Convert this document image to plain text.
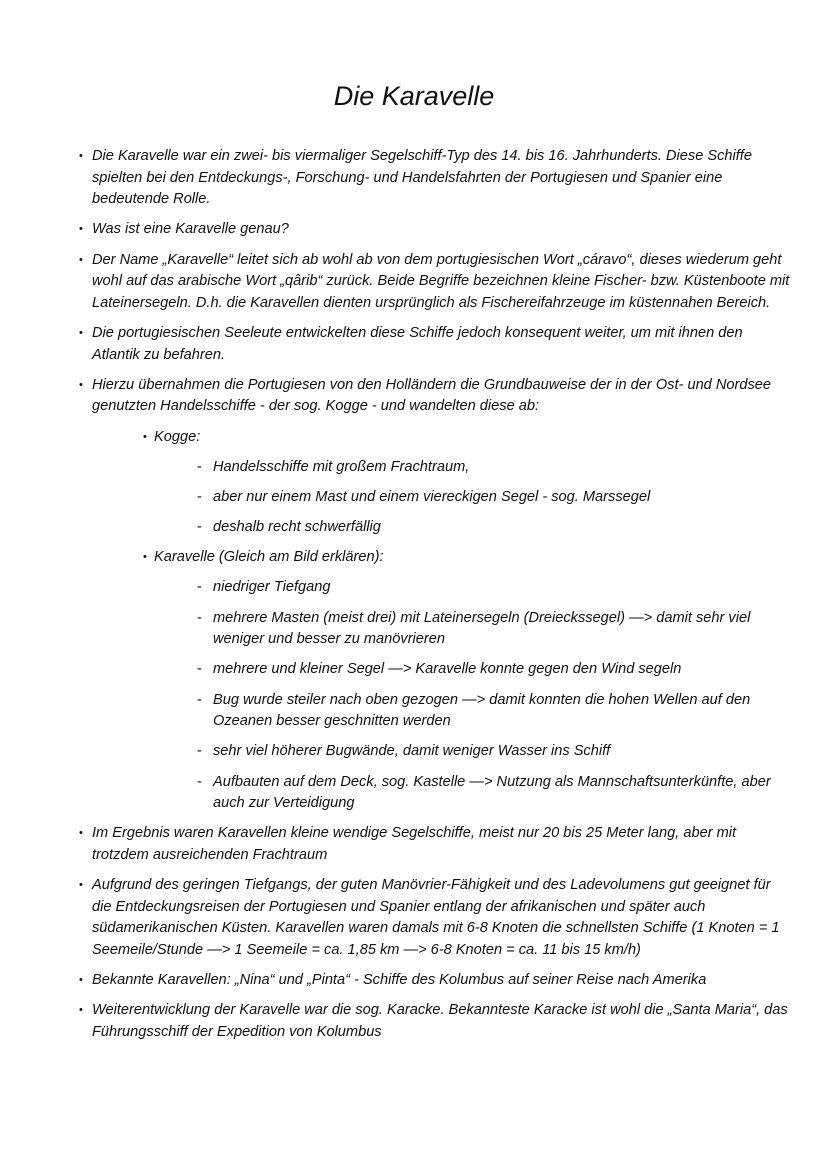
Die Karavelle
• Die Karavelle war ein zwei- bis viermaliger Segelschiff-Typ des 14. bis 16. Jahrhunderts. Diese Schiffe spielten bei den Entdeckungs-, Forschung- und Handelsfahrten der Portugiesen und Spanier eine bedeutende Rolle.
• Was ist eine Karavelle genau?
• Der Name „Karavelle“ leitet sich ab wohl ab von dem portugiesischen Wort „cáravo“, dieses wiederum geht wohl auf das arabische Wort „qârib“ zurück. Beide Begriffe bezeichnen kleine Fischer- bzw. Küstenboote mit Lateinersegeln. D.h. die Karavellen dienten ursprünglich als Fischereifahrzeuge im küstennahen Bereich.
• Die portugiesischen Seeleute entwickelten diese Schiffe jedoch konsequent weiter, um mit ihnen den Atlantik zu befahren.
• Hierzu übernahmen die Portugiesen von den Holländern die Grundbauweise der in der Ost- und Nordsee genutzten Handelsschiffe - der sog. Kogge - und wandelten diese ab:
• Kogge:
- Handelsschiffe mit großem Frachtraum,
- aber nur einem Mast und einem viereckigen Segel - sog. Marssegel
- deshalb recht schwerfällig
• Karavelle (Gleich am Bild erklären):
- niedriger Tiefgang
- mehrere Masten (meist drei) mit Lateinersegeln (Dreieckssegel) —> damit sehr viel weniger und besser zu manövrieren
- mehrere und kleiner Segel —> Karavelle konnte gegen den Wind segeln
- Bug wurde steiler nach oben gezogen —> damit konnten die hohen Wellen auf den Ozeanen besser geschnitten werden
- sehr viel höherer Bugwände, damit weniger Wasser ins Schiff
- Aufbauten auf dem Deck, sog. Kastelle —> Nutzung als Mannschaftsunterkünfte, aber auch zur Verteidigung
• Im Ergebnis waren Karavellen kleine wendige Segelschiffe, meist nur 20 bis 25 Meter lang, aber mit trotzdem ausreichenden Frachtraum
• Aufgrund des geringen Tiefgangs, der guten Manövrier-Fähigkeit und des Ladevolumens gut geeignet für die Entdeckungsreisen der Portugiesen und Spanier entlang der afrikanischen und später auch südamerikanischen Küsten. Karavellen waren damals mit 6-8 Knoten die schnellsten Schiffe (1 Knoten = 1 Seemeile/Stunde —> 1 Seemeile = ca. 1,85 km —> 6-8 Knoten = ca. 11 bis 15 km/h)
• Bekannte Karavellen: „Nina“ und „Pinta“ - Schiffe des Kolumbus auf seiner Reise nach Amerika
• Weiterentwicklung der Karavelle war die sog. Karacke. Bekannteste Karacke ist wohl die „Santa Maria“, das Führungsschiff der Expedition von Kolumbus
